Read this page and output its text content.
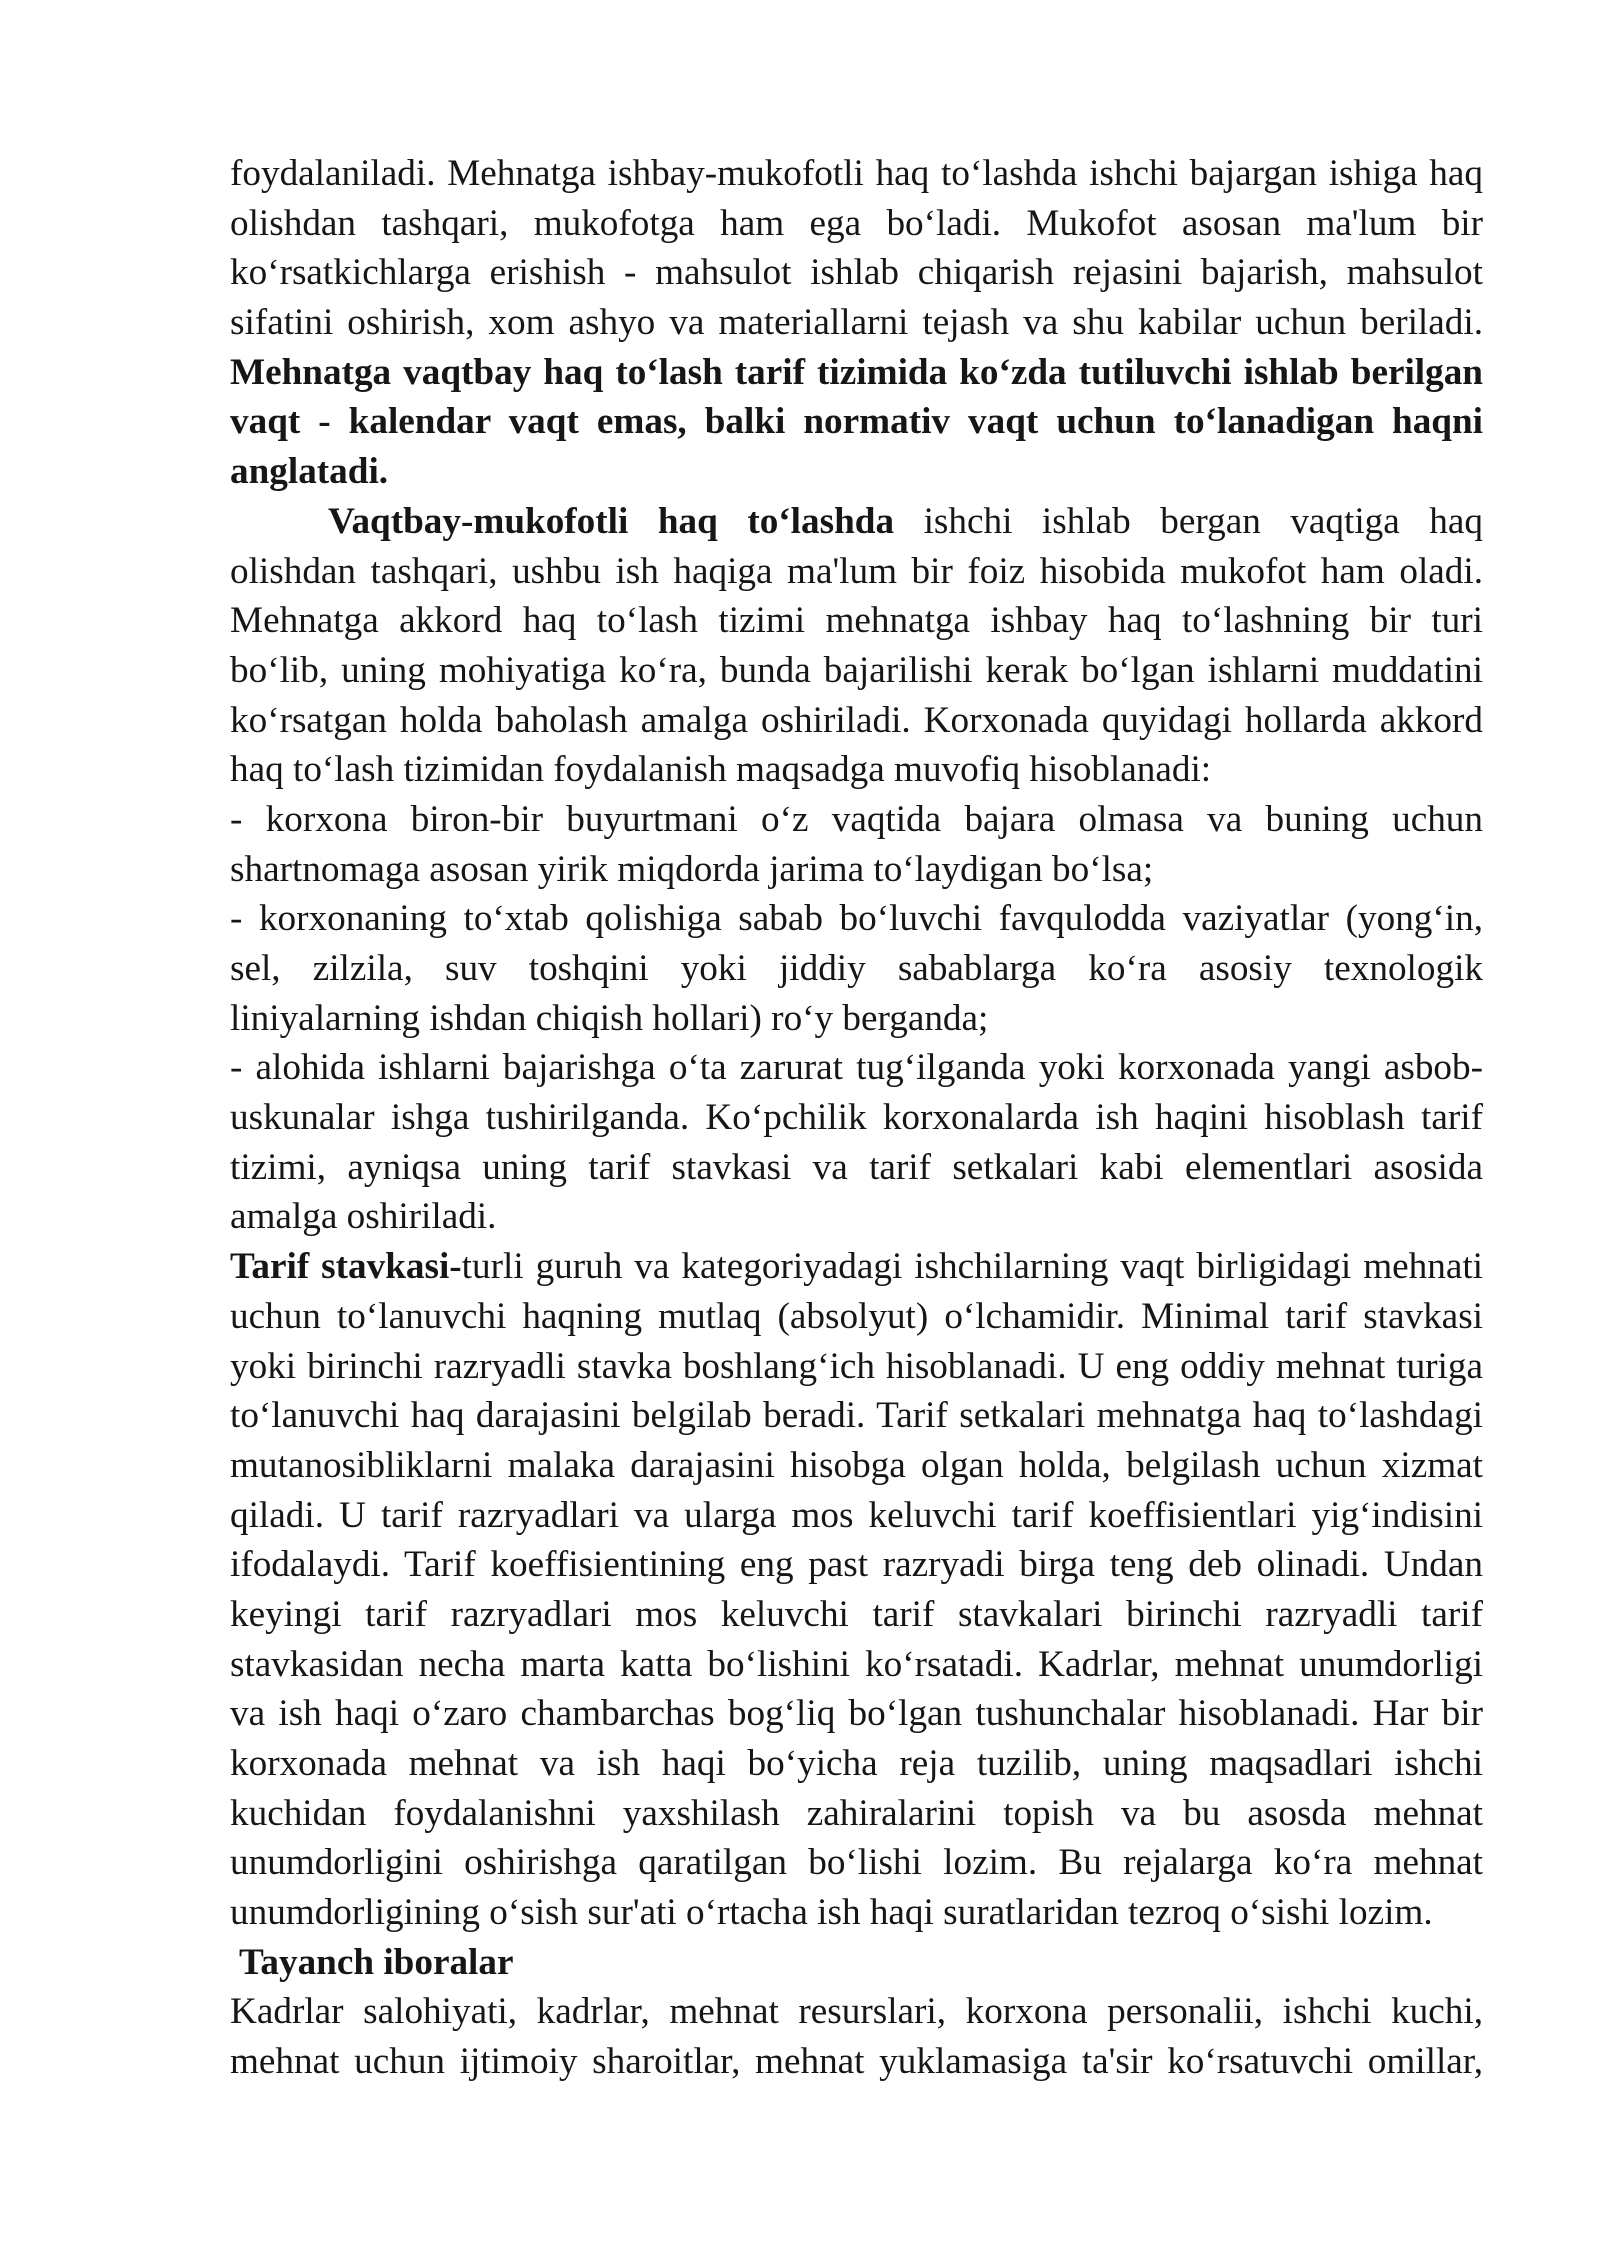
foydalaniladi. Mehnatga ishbay-mukofotli haq to‘lashda ishchi bajargan ishiga haq
olishdan tashqari, mukofotga ham ega bo‘ladi. Mukofot asosan ma'lum bir
ko‘rsatkichlarga erishish - mahsulot ishlab chiqarish rejasini bajarish, mahsulot
sifatini oshirish, xom ashyo va materiallarni tejash va shu kabilar uchun beriladi.
Mehnatga vaqtbay haq to‘lash tarif tizimida ko‘zda tutiluvchi ishlab berilgan
vaqt - kalendar vaqt emas, balki normativ vaqt uchun to‘lanadigan haqni
anglatadi.
Vaqtbay-mukofotli haq to‘lashda ishchi ishlab bergan vaqtiga haq
olishdan tashqari, ushbu ish haqiga ma'lum bir foiz hisobida mukofot ham oladi.
Mehnatga akkord haq to‘lash tizimi mehnatga ishbay haq to‘lashning bir turi
bo‘lib, uning mohiyatiga ko‘ra, bunda bajarilishi kerak bo‘lgan ishlarni muddatini
ko‘rsatgan holda baholash amalga oshiriladi. Korxonada quyidagi hollarda akkord
haq to‘lash tizimidan foydalanish maqsadga muvofiq hisoblanadi:
- korxona biron-bir buyurtmani o‘z vaqtida bajara olmasa va buning uchun
shartnomaga asosan yirik miqdorda jarima to‘laydigan bo‘lsa;
- korxonaning to‘xtab qolishiga sabab bo‘luvchi favqulodda vaziyatlar (yong‘in,
sel, zilzila, suv toshqini yoki jiddiy sabablarga ko‘ra asosiy texnologik
liniyalarning ishdan chiqish hollari) ro‘y berganda;
- alohida ishlarni bajarishga o‘ta zarurat tug‘ilganda yoki korxonada yangi asbob-
uskunalar ishga tushirilganda. Ko‘pchilik korxonalarda ish haqini hisoblash tarif
tizimi, ayniqsa uning tarif stavkasi va tarif setkalari kabi elementlari asosida
amalga oshiriladi.
Tarif stavkasi-turli guruh va kategoriyadagi ishchilarning vaqt birligidagi mehnati
uchun to‘lanuvchi haqning mutlaq (absolyut) o‘lchamidir. Minimal tarif stavkasi
yoki birinchi razryadli stavka boshlang‘ich hisoblanadi. U eng oddiy mehnat turiga
to‘lanuvchi haq darajasini belgilab beradi. Tarif setkalari mehnatga haq to‘lashdagi
mutanosibliklarni malaka darajasini hisobga olgan holda, belgilash uchun xizmat
qiladi. U tarif razryadlari va ularga mos keluvchi tarif koeffisientlari yig‘indisini
ifodalaydi. Tarif koeffisientining eng past razryadi birga teng deb olinadi. Undan
keyingi tarif razryadlari mos keluvchi tarif stavkalari birinchi razryadli tarif
stavkasidan necha marta katta bo‘lishini ko‘rsatadi. Kadrlar, mehnat unumdorligi
va ish haqi o‘zaro chambarchas bog‘liq bo‘lgan tushunchalar hisoblanadi. Har bir
korxonada mehnat va ish haqi bo‘yicha reja tuzilib, uning maqsadlari ishchi
kuchidan foydalanishni yaxshilash zahiralarini topish va bu asosda mehnat
unumdorligini oshirishga qaratilgan bo‘lishi lozim. Bu rejalarga ko‘ra mehnat
unumdorligining o‘sish sur'ati o‘rtacha ish haqi suratlaridan tezroq o‘sishi lozim.
Tayanch iboralar
Kadrlar salohiyati, kadrlar, mehnat resurslari, korxona personalii, ishchi kuchi,
mehnat uchun ijtimoiy sharoitlar, mehnat yuklamasiga ta'sir ko‘rsatuvchi omillar,
